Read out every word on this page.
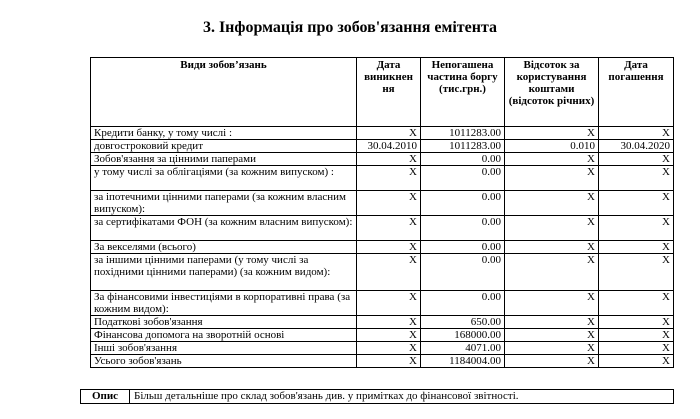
3. Інформація про зобов'язання емітента
Види зобов’язань	Дата виникнен ня	Непогашена частина боргу (тис.грн.)	Відсоток за користування коштами (відсоток річних)	Дата погашення
Кредити банку, у тому числі :	X	1011283.00	X	X
довгостроковий кредит	30.04.2010	1011283.00	0.010	30.04.2020
Зобов'язання за цінними паперами	X	0.00	X	X
у тому числі за облігаціями (за кожним випуском) :	X	0.00	X	X
за іпотечними цінними паперами (за кожним власним випуском):	X	0.00	X	X
за сертифікатами ФОН (за кожним власним випуском):	X	0.00	X	X
За векселями (всього)	X	0.00	X	X
за іншими цінними паперами (у тому числі за похідними цінними паперами) (за кожним видом):	X	0.00	X	X
За фінансовими інвестиціями в корпоративні права (за кожним видом):	X	0.00	X	X
Податкові зобов'язання	X	650.00	X	X
Фінансова допомога на зворотній основі	X	168000.00	X	X
Інші зобов'язання	X	4071.00	X	X
Усього зобов'язань	X	1184004.00	X	X
Опис	Більш детальніше про склад зобов'язань див. у примітках до фінансової звітності.
